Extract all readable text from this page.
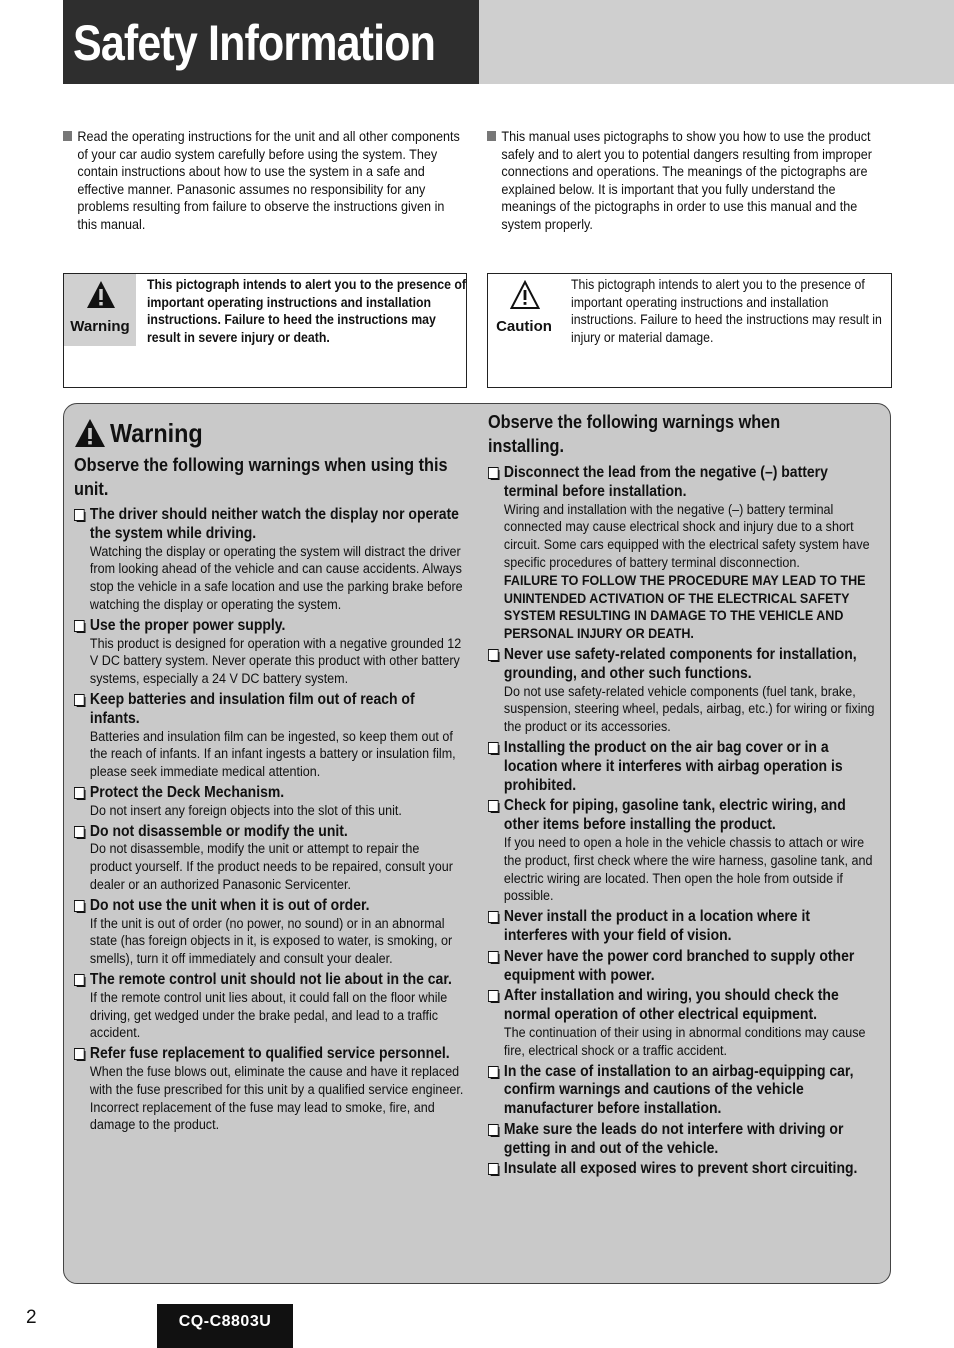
Safety Information
Read the operating instructions for the unit and all other components of your car audio system carefully before using the system. They contain instructions about how to use the system in a safe and effective manner. Panasonic assumes no responsibility for any problems resulting from failure to observe the instructions given in this manual.
This manual uses pictographs to show you how to use the product safely and to alert you to potential dangers resulting from improper connections and operations. The meanings of the pictographs are explained below. It is important that you fully understand the meanings of the pictographs in order to use this manual and the system properly.
Warning
This pictograph intends to alert you to the presence of important operating instructions and installation instructions. Failure to heed the instructions may result in severe injury or death.
Caution
This pictograph intends to alert you to the presence of important operating instructions and installation instructions. Failure to heed the instructions may result in injury or material damage.
Warning
Observe the following warnings when using this unit.
The driver should neither watch the display nor operate the system while driving.
Watching the display or operating the system will distract the driver from looking ahead of the vehicle and can cause accidents. Always stop the vehicle in a safe location and use the parking brake before watching the display or operating the system.
Use the proper power supply.
This product is designed for operation with a negative grounded 12 V DC battery system. Never operate this product with other battery systems, especially a 24 V DC battery system.
Keep batteries and insulation film out of reach of infants.
Batteries and insulation film can be ingested, so keep them out of the reach of infants. If an infant ingests a battery or insulation film, please seek immediate medical attention.
Protect the Deck Mechanism.
Do not insert any foreign objects into the slot of this unit.
Do not disassemble or modify the unit.
Do not disassemble, modify the unit or attempt to repair the product yourself. If the product needs to be repaired, consult your dealer or an authorized Panasonic Servicenter.
Do not use the unit when it is out of order.
If the unit is out of order (no power, no sound) or in an abnormal state (has foreign objects in it, is exposed to water, is smoking, or smells), turn it off immediately and consult your dealer.
The remote control unit should not lie about in the car.
If the remote control unit lies about, it could fall on the floor while driving, get wedged under the brake pedal, and lead to a traffic accident.
Refer fuse replacement to qualified service personnel.
When the fuse blows out, eliminate the cause and have it replaced with the fuse prescribed for this unit by a qualified service engineer. Incorrect replacement of the fuse may lead to smoke, fire, and damage to the product.
Observe the following warnings when installing.
Disconnect the lead from the negative (–) battery terminal before installation.
Wiring and installation with the negative (–) battery terminal connected may cause electrical shock and injury due to a short circuit. Some cars equipped with the electrical safety system have specific procedures of battery terminal disconnection.
FAILURE TO FOLLOW THE PROCEDURE MAY LEAD TO THE UNINTENDED ACTIVATION OF THE ELECTRICAL SAFETY SYSTEM RESULTING IN DAMAGE TO THE VEHICLE AND PERSONAL INJURY OR DEATH.
Never use safety-related components for installation, grounding, and other such functions.
Do not use safety-related vehicle components (fuel tank, brake, suspension, steering wheel, pedals, airbag, etc.) for wiring or fixing the product or its accessories.
Installing the product on the air bag cover or in a location where it interferes with airbag operation is prohibited.
Check for piping, gasoline tank, electric wiring, and other items before installing the product.
If you need to open a hole in the vehicle chassis to attach or wire the product, first check where the wire harness, gasoline tank, and electric wiring are located. Then open the hole from outside if possible.
Never install the product in a location where it interferes with your field of vision.
Never have the power cord branched to supply other equipment with power.
After installation and wiring, you should check the normal operation of other electrical equipment.
The continuation of their using in abnormal conditions may cause fire, electrical shock or a traffic accident.
In the case of installation to an airbag-equipping car, confirm warnings and cautions of the vehicle manufacturer before installation.
Make sure the leads do not interfere with driving or getting in and out of the vehicle.
Insulate all exposed wires to prevent short circuiting.
2	CQ-C8803U
